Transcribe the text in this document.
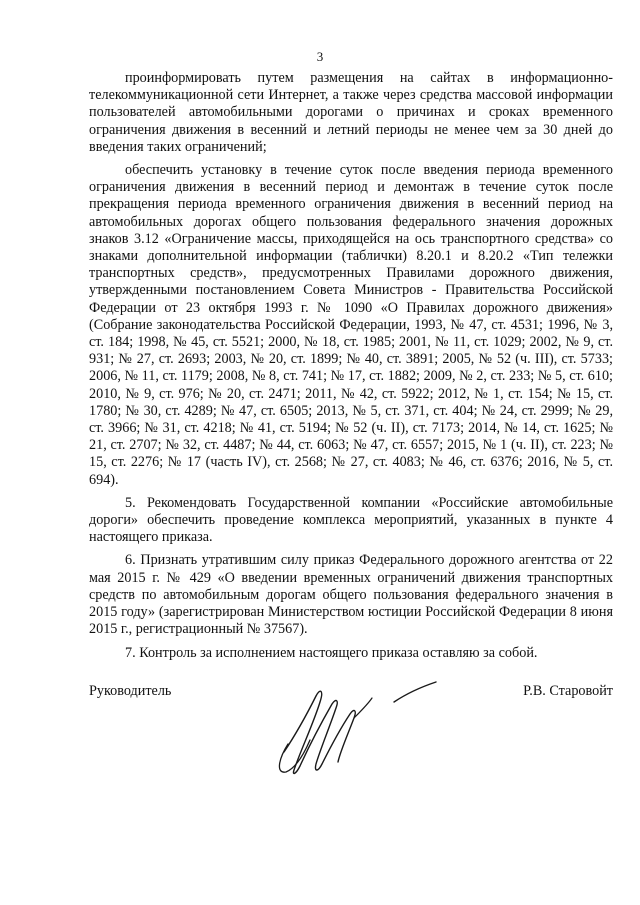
3

проинформировать путем размещения на сайтах в информационно-телекоммуникационной сети Интернет, а также через средства массовой информации пользователей автомобильными дорогами о причинах и сроках временного ограничения движения в весенний и летний периоды не менее чем за 30 дней до введения таких ограничений;

обеспечить установку в течение суток после введения периода временного ограничения движения в весенний период и демонтаж в течение суток после прекращения периода временного ограничения движения в весенний период на автомобильных дорогах общего пользования федерального значения дорожных знаков 3.12 «Ограничение массы, приходящейся на ось транспортного средства» со знаками дополнительной информации (таблички) 8.20.1 и 8.20.2 «Тип тележки транспортных средств», предусмотренных Правилами дорожного движения, утвержденными постановлением Совета Министров - Правительства Российской Федерации от 23 октября 1993 г. № 1090 «О Правилах дорожного движения» (Собрание законодательства Российской Федерации, 1993, № 47, ст. 4531; 1996, № 3, ст. 184; 1998, № 45, ст. 5521; 2000, № 18, ст. 1985; 2001, № 11, ст. 1029; 2002, № 9, ст. 931; № 27, ст. 2693; 2003, № 20, ст. 1899; № 40, ст. 3891; 2005, № 52 (ч. III), ст. 5733; 2006, № 11, ст. 1179; 2008, № 8, ст. 741; № 17, ст. 1882; 2009, № 2, ст. 233; № 5, ст. 610; 2010, № 9, ст. 976; № 20, ст. 2471; 2011, № 42, ст. 5922; 2012, № 1, ст. 154; № 15, ст. 1780; № 30, ст. 4289; № 47, ст. 6505; 2013, № 5, ст. 371, ст. 404; № 24, ст. 2999; № 29, ст. 3966; № 31, ст. 4218; № 41, ст. 5194; № 52 (ч. II), ст. 7173; 2014, № 14, ст. 1625; № 21, ст. 2707; № 32, ст. 4487; № 44, ст. 6063; № 47, ст. 6557; 2015, № 1 (ч. II), ст. 223; № 15, ст. 2276; № 17 (часть IV), ст. 2568; № 27, ст. 4083; № 46, ст. 6376; 2016, № 5, ст. 694).

5. Рекомендовать Государственной компании «Российские автомобильные дороги» обеспечить проведение комплекса мероприятий, указанных в пункте 4 настоящего приказа.

6. Признать утратившим силу приказ Федерального дорожного агентства от 22 мая 2015 г. № 429 «О введении временных ограничений движения транспортных средств по автомобильным дорогам общего пользования федерального значения в 2015 году» (зарегистрирован Министерством юстиции Российской Федерации 8 июня 2015 г., регистрационный № 37567).

7. Контроль за исполнением настоящего приказа оставляю за собой.

Руководитель	Р.В. Старовойт
